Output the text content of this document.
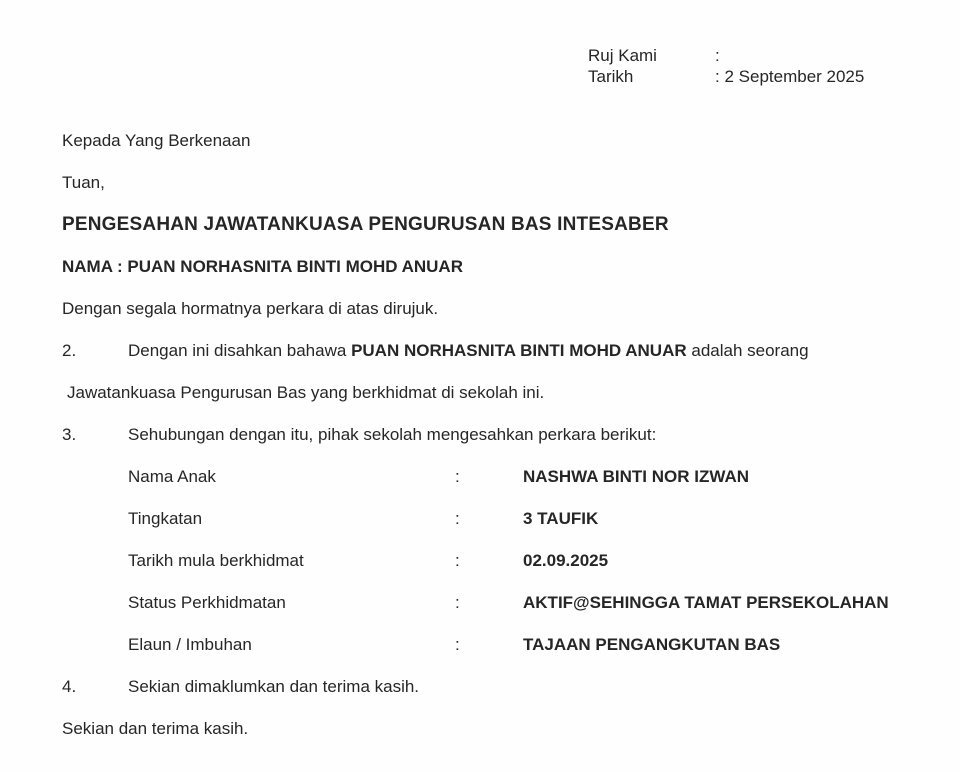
Ruj Kami	:
Tarikh	: 2 September 2025
Kepada Yang Berkenaan
Tuan,
PENGESAHAN JAWATANKUASA PENGURUSAN BAS INTESABER
NAMA : PUAN NORHASNITA BINTI MOHD ANUAR
Dengan segala hormatnya perkara di atas dirujuk.
2.	Dengan ini disahkan bahawa PUAN NORHASNITA BINTI MOHD ANUAR adalah seorang
Jawatankuasa Pengurusan Bas yang berkhidmat di sekolah ini.
3.	Sehubungan dengan itu, pihak sekolah mengesahkan perkara berikut:
Nama Anak	:	NASHWA BINTI NOR IZWAN
Tingkatan	:	3 TAUFIK
Tarikh mula berkhidmat	:	02.09.2025
Status Perkhidmatan	:	AKTIF@SEHINGGA TAMAT PERSEKOLAHAN
Elaun / Imbuhan	:	TAJAAN PENGANGKUTAN BAS
4.	Sekian dimaklumkan dan terima kasih.
Sekian dan terima kasih.
